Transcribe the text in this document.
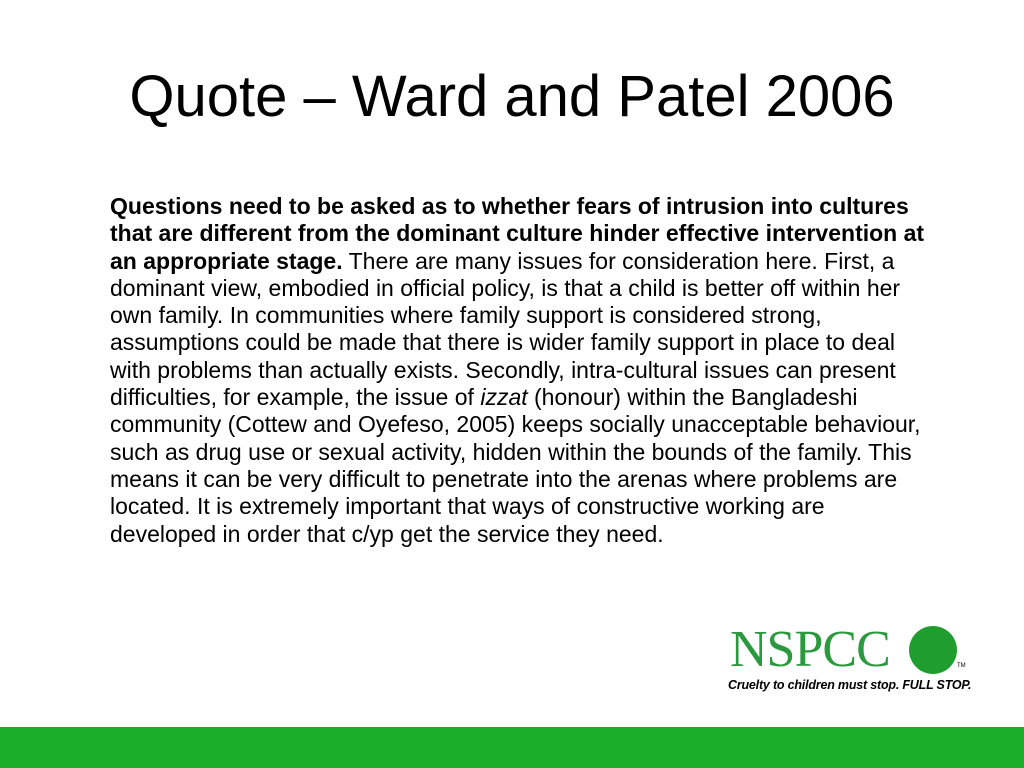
Quote – Ward and Patel 2006

Questions need to be asked as to whether fears of intrusion into cultures that are different from the dominant culture hinder effective intervention at an appropriate stage. There are many issues for consideration here. First, a dominant view, embodied in official policy, is that a child is better off within her own family. In communities where family support is considered strong, assumptions could be made that there is wider family support in place to deal with problems than actually exists. Secondly, intra-cultural issues can present difficulties, for example, the issue of izzat (honour) within the Bangladeshi community (Cottew and Oyefeso, 2005) keeps socially unacceptable behaviour, such as drug use or sexual activity, hidden within the bounds of the family. This means it can be very difficult to penetrate into the arenas where problems are located. It is extremely important that ways of constructive working are developed in order that c/yp get the service they need.

NSPCC	TM
Cruelty to children must stop. FULL STOP.
